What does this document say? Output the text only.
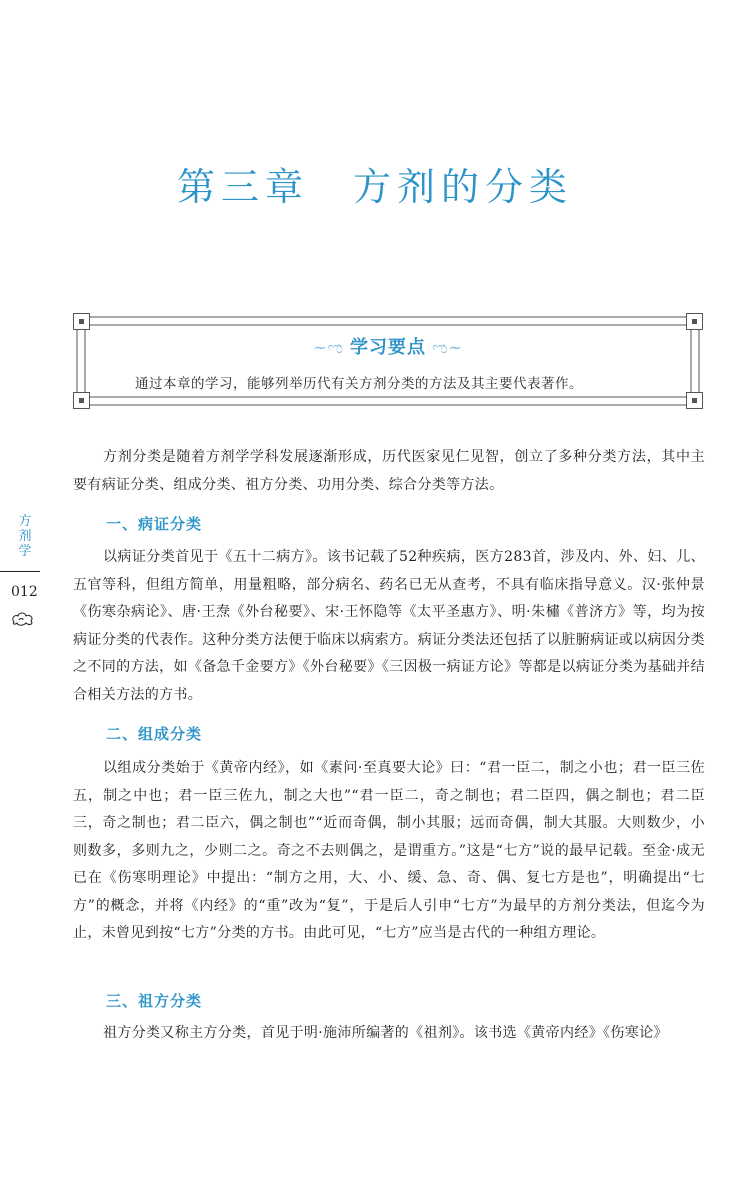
第三章 方剂的分类
~ಌ 学习要点 ಌ~
通过本章的学习，能够列举历代有关方剂分类的方法及其主要代表著作。
方剂学
012

方剂分类是随着方剂学学科发展逐渐形成，历代医家见仁见智，创立了多种分类方法，其中主要有病证分类、组成分类、祖方分类、功用分类、综合分类等方法。

一、病证分类

以病证分类首见于《五十二病方》。该书记载了52种疾病，医方283首，涉及内、外、妇、儿、五官等科，但组方简单，用量粗略，部分病名、药名已无从查考，不具有临床指导意义。汉·张仲景《伤寒杂病论》、唐·王焘《外台秘要》、宋·王怀隐等《太平圣惠方》、明·朱橚《普济方》等，均为按病证分类的代表作。这种分类方法便于临床以病索方。病证分类法还包括了以脏腑病证或以病因分类之不同的方法，如《备急千金要方》《外台秘要》《三因极一病证方论》等都是以病证分类为基础并结合相关方法的方书。

二、组成分类

以组成分类始于《黄帝内经》，如《素问·至真要大论》曰：“君一臣二，制之小也；君一臣三佐五，制之中也；君一臣三佐九，制之大也”“君一臣二，奇之制也；君二臣四，偶之制也；君二臣三，奇之制也；君二臣六，偶之制也”“近而奇偶，制小其服；远而奇偶，制大其服。大则数少，小则数多，多则九之，少则二之。奇之不去则偶之，是谓重方。”这是“七方”说的最早记载。至金·成无已在《伤寒明理论》中提出：“制方之用，大、小、缓、急、奇、偶、复七方是也”，明确提出“七方”的概念，并将《内经》的“重”改为“复”，于是后人引申“七方”为最早的方剂分类法，但迄今为止，未曾见到按“七方”分类的方书。由此可见，“七方”应当是古代的一种组方理论。

三、祖方分类

祖方分类又称主方分类，首见于明·施沛所编著的《祖剂》。该书选《黄帝内经》《伤寒论》
